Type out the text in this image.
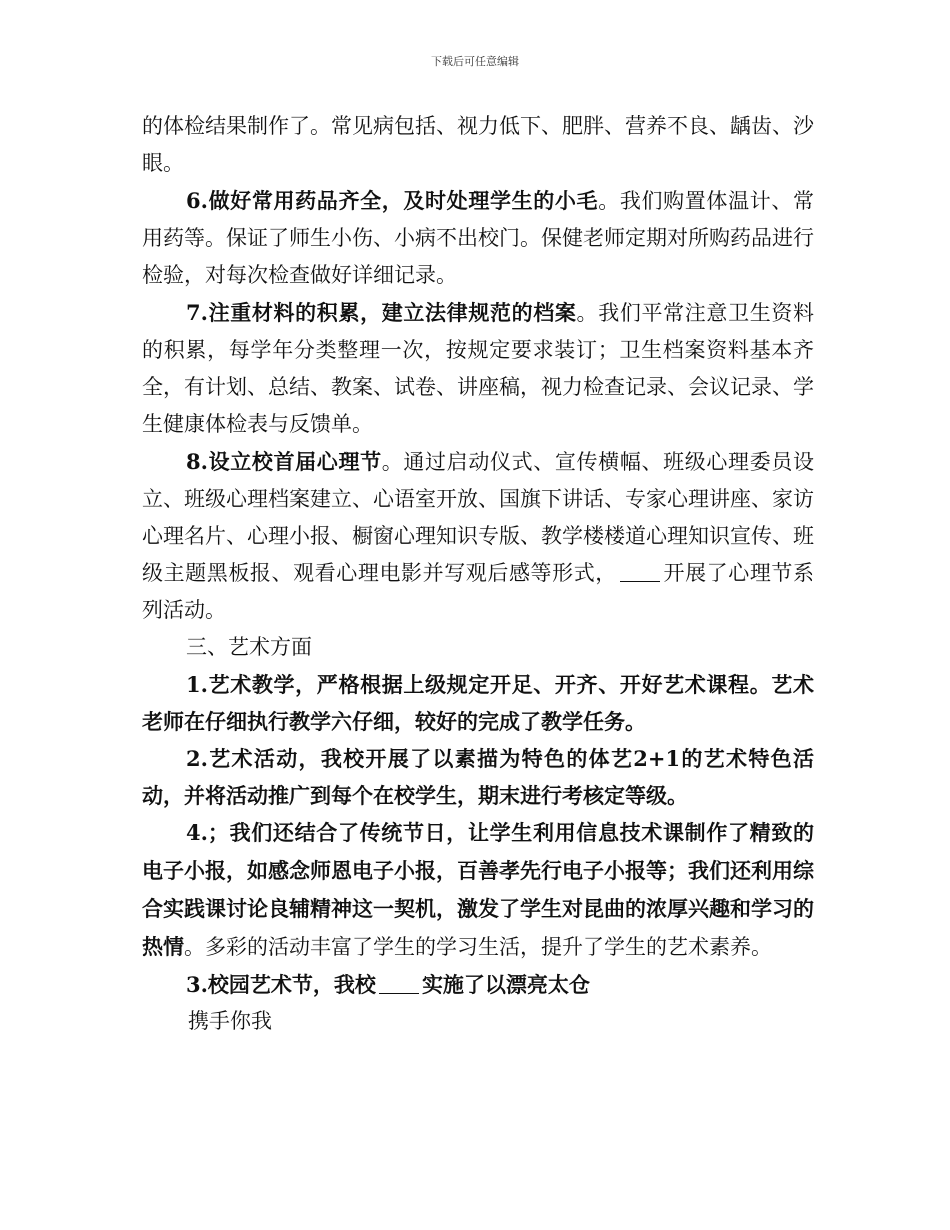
下载后可任意编辑

的体检结果制作了。常见病包括、视力低下、肥胖、营养不良、龋齿、沙眼。

6.做好常用药品齐全，及时处理学生的小毛。我们购置体温计、常用药等。保证了师生小伤、小病不出校门。保健老师定期对所购药品进行检验，对每次检查做好详细记录。

7.注重材料的积累，建立法律规范的档案。我们平常注意卫生资料的积累，每学年分类整理一次，按规定要求装订；卫生档案资料基本齐全，有计划、总结、教案、试卷、讲座稿，视力检查记录、会议记录、学生健康体检表与反馈单。

8.设立校首届心理节。通过启动仪式、宣传横幅、班级心理委员设立、班级心理档案建立、心语室开放、国旗下讲话、专家心理讲座、家访心理名片、心理小报、橱窗心理知识专版、教学楼楼道心理知识宣传、班级主题黑板报、观看心理电影并写观后感等形式， 开展了心理节系列活动。

三、艺术方面

1.艺术教学，严格根据上级规定开足、开齐、开好艺术课程。艺术老师在仔细执行教学六仔细，较好的完成了教学任务。

2.艺术活动，我校开展了以素描为特色的体艺2+1的艺术特色活动，并将活动推广到每个在校学生，期末进行考核定等级。

4.；我们还结合了传统节日，让学生利用信息技术课制作了精致的电子小报，如感念师恩电子小报，百善孝先行电子小报等；我们还利用综合实践课讨论良辅精神这一契机，激发了学生对昆曲的浓厚兴趣和学习的热情。多彩的活动丰富了学生的学习生活，提升了学生的艺术素养。

3.校园艺术节，我校 实施了以漂亮太仓

携手你我
